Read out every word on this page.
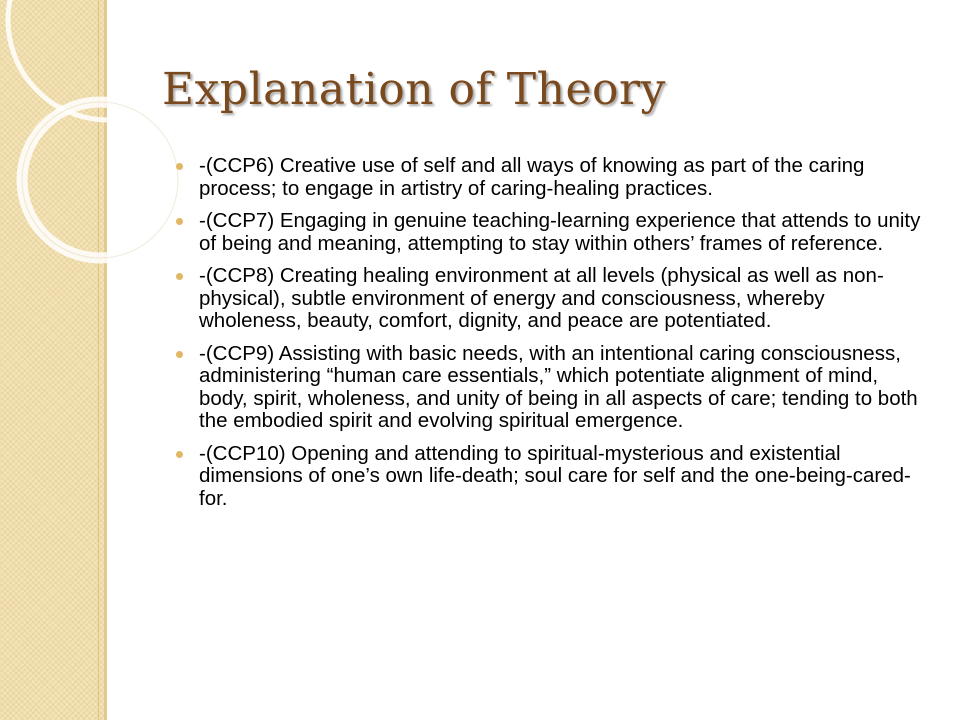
Explanation of Theory
-(CCP6) Creative use of self and all ways of knowing as part of the caring process; to engage in artistry of caring-healing practices.
-(CCP7) Engaging in genuine teaching-learning experience that attends to unity of being and meaning, attempting to stay within others’ frames of reference.
-(CCP8) Creating healing environment at all levels (physical as well as non-physical), subtle environment of energy and consciousness, whereby wholeness, beauty, comfort, dignity, and peace are potentiated.
-(CCP9) Assisting with basic needs, with an intentional caring consciousness, administering “human care essentials,” which potentiate alignment of mind, body, spirit, wholeness, and unity of being in all aspects of care; tending to both the embodied spirit and evolving spiritual emergence.
-(CCP10) Opening and attending to spiritual-mysterious and existential dimensions of one’s own life-death; soul care for self and the one-being-cared-for.
